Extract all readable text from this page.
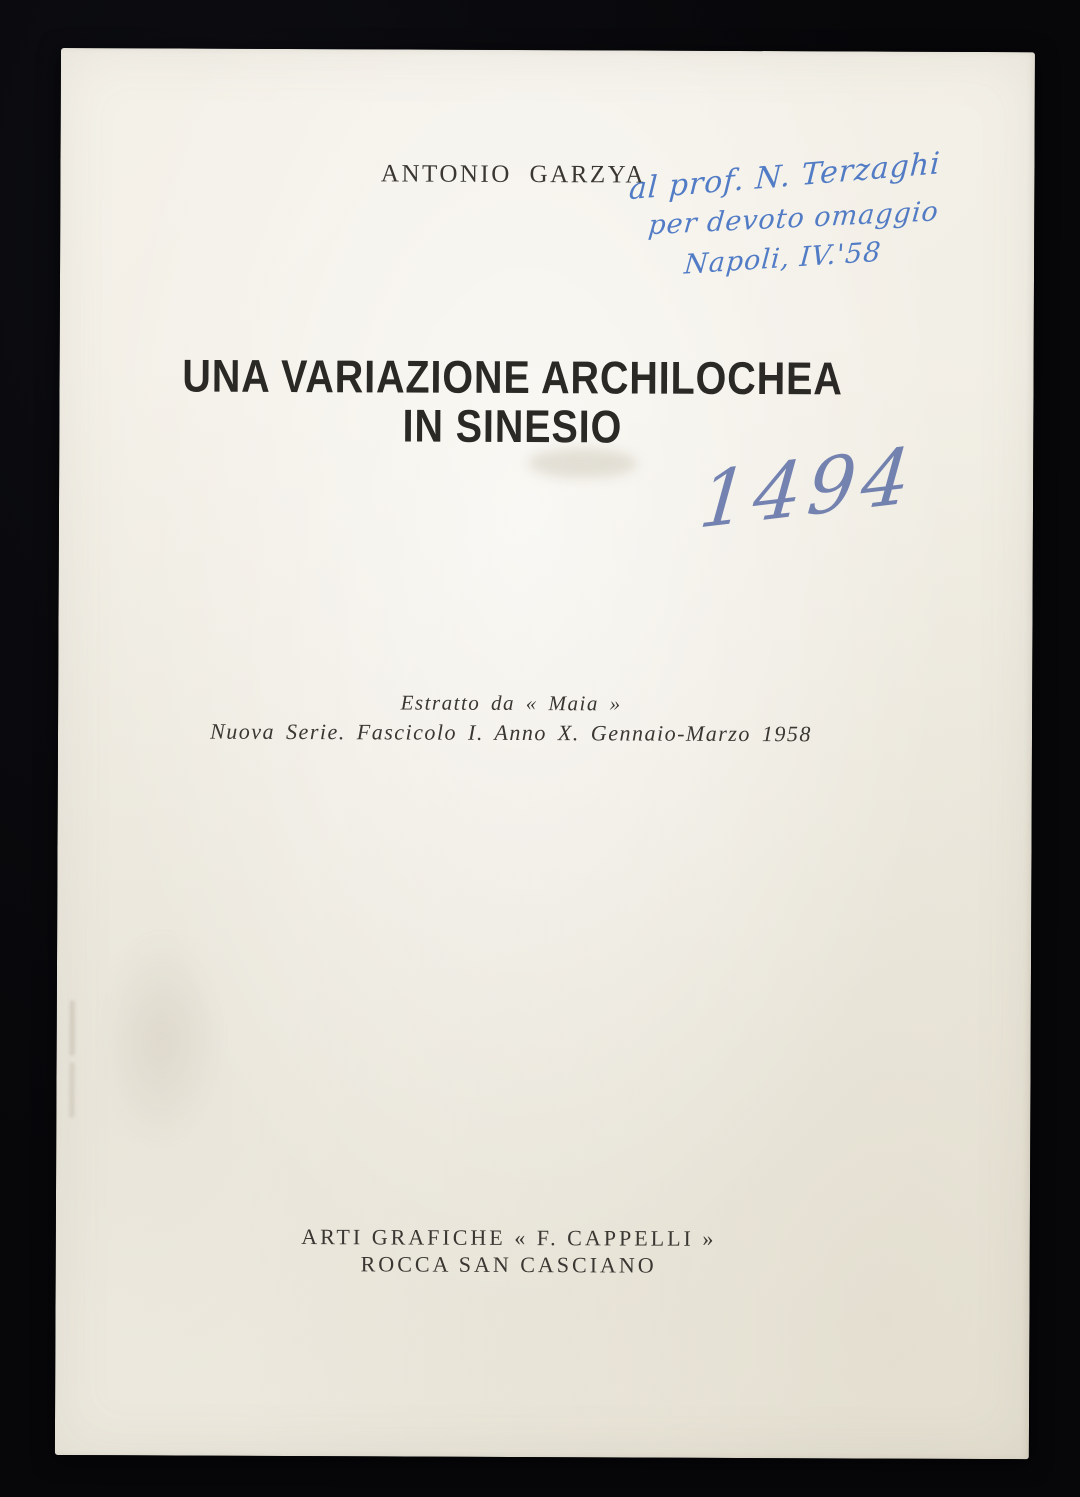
ANTONIO GARZYA
UNA VARIAZIONE ARCHILOCHEA
IN SINESIO
Estratto da « Maia »
Nuova Serie. Fascicolo I. Anno X. Gennaio-Marzo 1958
ARTI GRAFICHE « F. CAPPELLI »
ROCCA SAN CASCIANO
al prof. N. Terzaghi
per devoto omaggio
Napoli, IV.'58
1494
